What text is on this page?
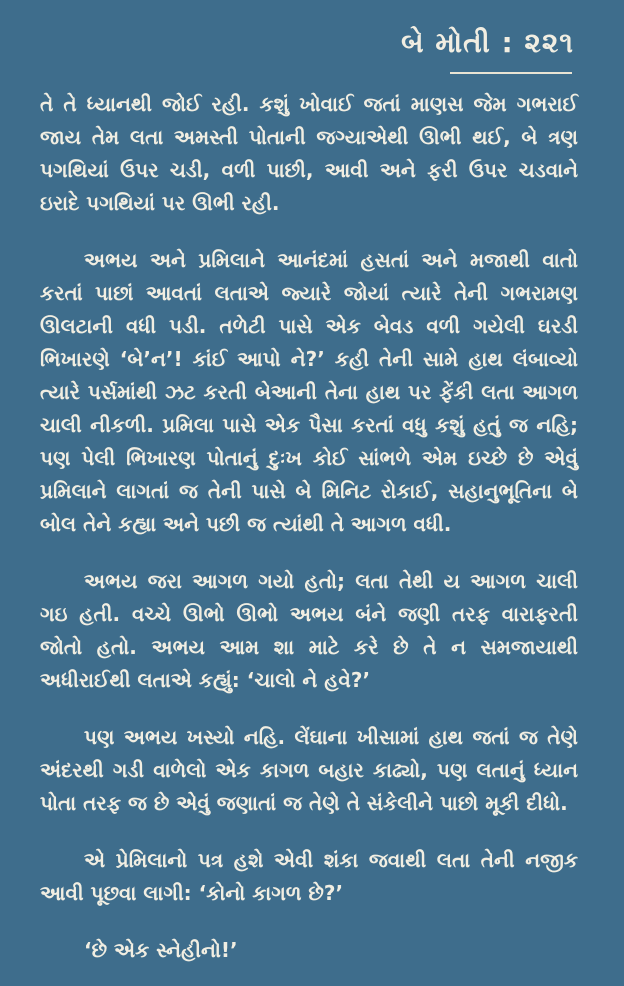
બે મોતી : ૨૨૧

તે તે ધ્યાનથી જોઈ રહી. કશું ખોવાઈ જતાં માણસ જેમ ગભરાઈ જાય તેમ લતા અમસ્તી પોતાની જગ્યાએથી ઊભી થઈ, બે ત્રણ પગથિયાં ઉપર ચડી, વળી પાછી, આવી અને ફરી ઉપર ચડવાને ઇરાદે પગથિયાં પર ઊભી રહી.

અભય અને પ્રમિલાને આનંદમાં હસતાં અને મજાથી વાતો કરતાં પાછાં આવતાં લતાએ જ્યારે જોયાં ત્યારે તેની ગભરામણ ઊલટાની વધી પડી. તળેટી પાસે એક બેવડ વળી ગયેલી ઘરડી ભિખારણે ‘બે’ન’! કાંઈ આપો ને?’ કહી તેની સામે હાથ લંબાવ્યો ત્યારે પર્સમાંથી ઝટ કરતી બેઆની તેના હાથ પર ફેંકી લતા આગળ ચાલી નીકળી. પ્રમિલા પાસે એક પૈસા કરતાં વધુ કશું હતું જ નહિ; પણ પેલી ભિખારણ પોતાનું દુઃખ કોઈ સાંભળે એમ ઇચ્છે છે એવું પ્રમિલાને લાગતાં જ તેની પાસે બે મિનિટ રોકાઈ, સહાનુભૂતિના બે બોલ તેને કહ્યા અને પછી જ ત્યાંથી તે આગળ વધી.

અભય જરા આગળ ગયો હતો; લતા તેથી ય આગળ ચાલી ગઇ હતી. વચ્ચે ઊભો ઊભો અભય બંને જણી તરફ વારાફરતી જોતો હતો. અભય આમ શા માટે કરે છે તે ન સમજાયાથી અધીરાઈથી લતાએ કહ્યું: ‘ચાલો ને હવે?’

પણ અભય ખસ્યો નહિ. લેંઘાના ખીસામાં હાથ જતાં જ તેણે અંદરથી ગડી વાળેલો એક કાગળ બહાર કાઢ્યો, પણ લતાનું ધ્યાન પોતા તરફ જ છે એવું જણાતાં જ તેણે તે સંકેલીને પાછો મૂકી દીધો.

એ પ્રેમિલાનો પત્ર હશે એવી શંકા જવાથી લતા તેની નજીક આવી પૂછવા લાગી: ‘કોનો કાગળ છે?’

‘છે એક સ્નેહીનો!’
